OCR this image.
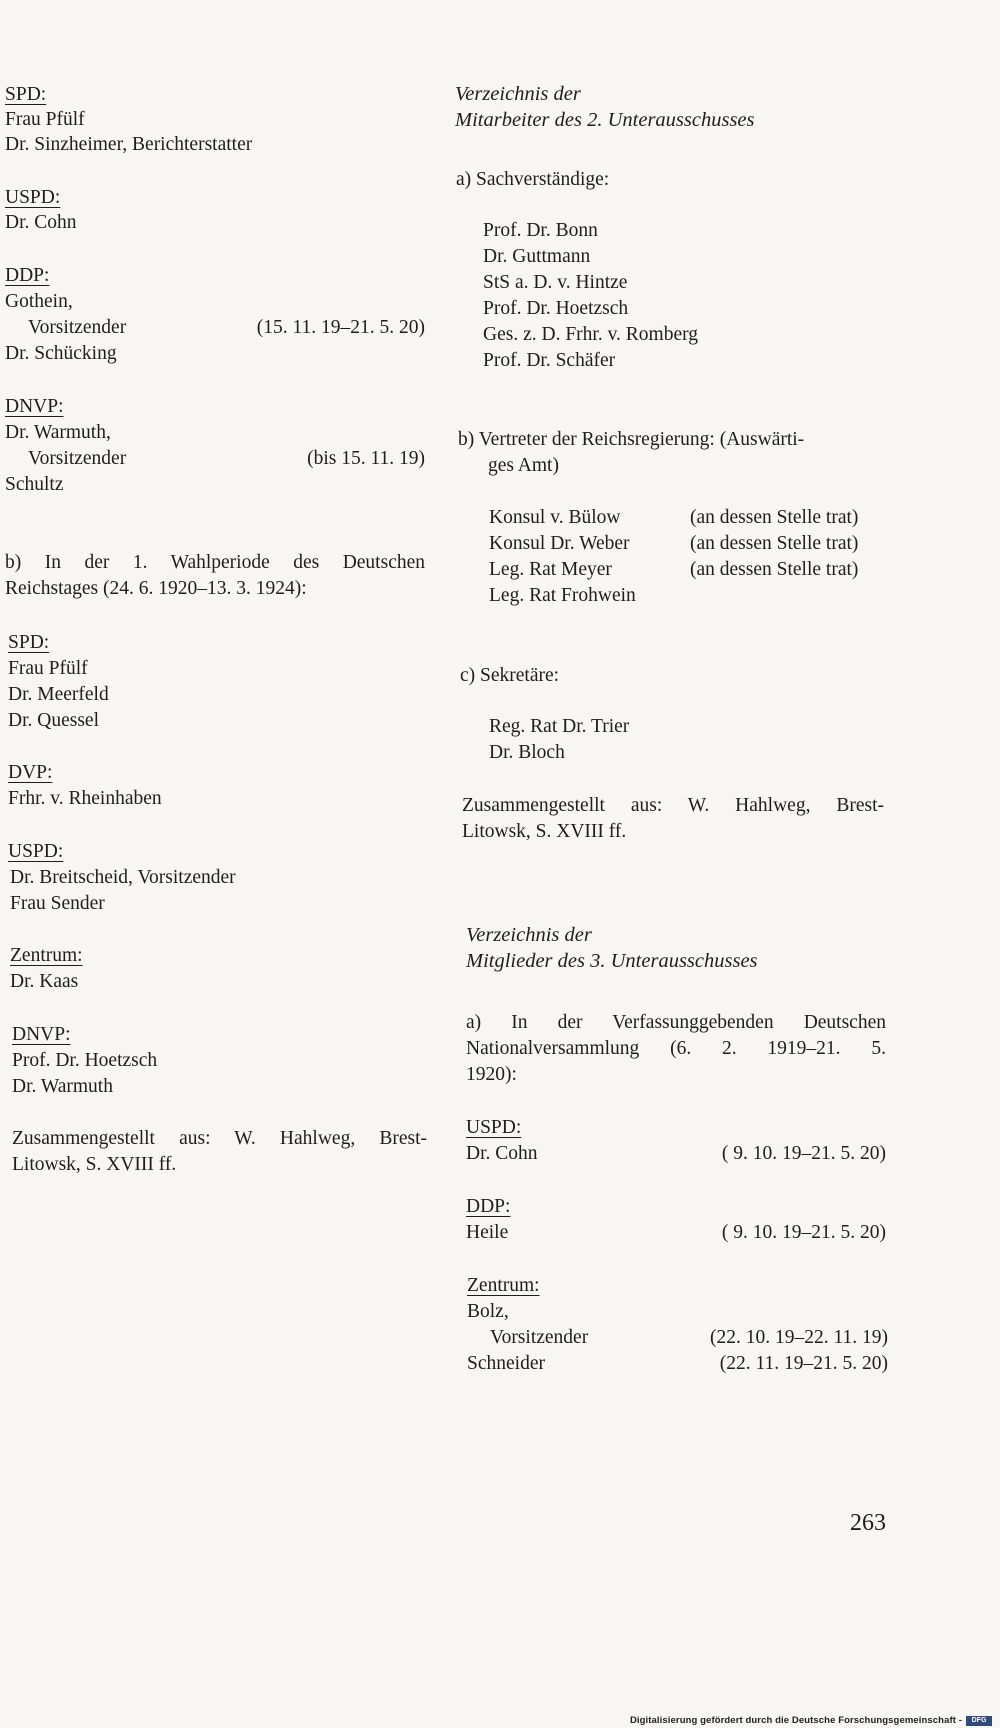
SPD:
Frau Pfülf
Dr. Sinzheimer, Berichterstatter
USPD:
Dr. Cohn
DDP:
Gothein,
Vorsitzender	(15. 11. 19–21. 5. 20)
Dr. Schücking
DNVP:
Dr. Warmuth,
Vorsitzender	(bis 15. 11. 19)
Schultz
b) In der 1. Wahlperiode des Deutschen
Reichstages (24. 6. 1920–13. 3. 1924):
SPD:
Frau Pfülf
Dr. Meerfeld
Dr. Quessel
DVP:
Frhr. v. Rheinhaben
USPD:
Dr. Breitscheid, Vorsitzender
Frau Sender
Zentrum:
Dr. Kaas
DNVP:
Prof. Dr. Hoetzsch
Dr. Warmuth
Zusammengestellt aus: W. Hahlweg, Brest-
Litowsk, S. XVIII ff.
Verzeichnis der
Mitarbeiter des 2. Unterausschusses
a) Sachverständige:
Prof. Dr. Bonn
Dr. Guttmann
StS a. D. v. Hintze
Prof. Dr. Hoetzsch
Ges. z. D. Frhr. v. Romberg
Prof. Dr. Schäfer
b) Vertreter der Reichsregierung: (Auswärti-
ges Amt)
Konsul v. Bülow	(an dessen Stelle trat)
Konsul Dr. Weber	(an dessen Stelle trat)
Leg. Rat Meyer	(an dessen Stelle trat)
Leg. Rat Frohwein
c) Sekretäre:
Reg. Rat Dr. Trier
Dr. Bloch
Zusammengestellt aus: W. Hahlweg, Brest-
Litowsk, S. XVIII ff.
Verzeichnis der
Mitglieder des 3. Unterausschusses
a) In der Verfassunggebenden Deutschen
Nationalversammlung (6. 2. 1919–21. 5.
1920):
USPD:
Dr. Cohn	( 9. 10. 19–21. 5. 20)
DDP:
Heile	( 9. 10. 19–21. 5. 20)
Zentrum:
Bolz,
Vorsitzender	(22. 10. 19–22. 11. 19)
Schneider	(22. 11. 19–21. 5. 20)
263
Digitalisierung gefördert durch die Deutsche Forschungsgemeinschaft -	DFG
